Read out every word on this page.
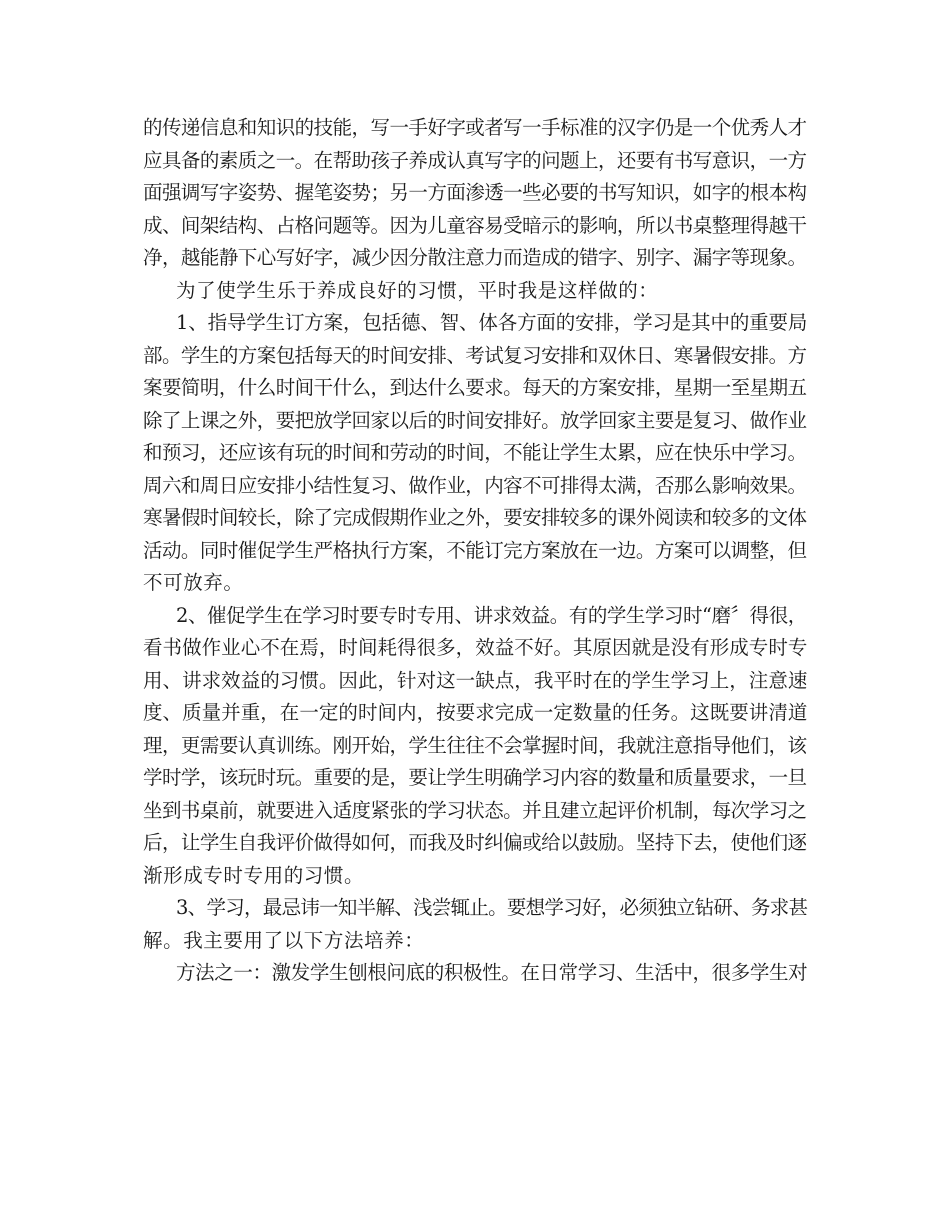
的传递信息和知识的技能，写一手好字或者写一手标准的汉字仍是一个优秀人才
应具备的素质之一。在帮助孩子养成认真写字的问题上，还要有书写意识，一方
面强调写字姿势、握笔姿势；另一方面渗透一些必要的书写知识，如字的根本构
成、间架结构、占格问题等。因为儿童容易受暗示的影响，所以书桌整理得越干
净，越能静下心写好字，减少因分散注意力而造成的错字、别字、漏字等现象。
为了使学生乐于养成良好的习惯，平时我是这样做的：
1、指导学生订方案，包括德、智、体各方面的安排，学习是其中的重要局
部。学生的方案包括每天的时间安排、考试复习安排和双休日、寒暑假安排。方
案要简明，什么时间干什么，到达什么要求。每天的方案安排，星期一至星期五
除了上课之外，要把放学回家以后的时间安排好。放学回家主要是复习、做作业
和预习，还应该有玩的时间和劳动的时间，不能让学生太累，应在快乐中学习。
周六和周日应安排小结性复习、做作业，内容不可排得太满，否那么影响效果。
寒暑假时间较长，除了完成假期作业之外，要安排较多的课外阅读和较多的文体
活动。同时催促学生严格执行方案，不能订完方案放在一边。方案可以调整，但
不可放弃。
2、催促学生在学习时要专时专用、讲求效益。有的学生学习时“磨〞得很，
看书做作业心不在焉，时间耗得很多，效益不好。其原因就是没有形成专时专
用、讲求效益的习惯。因此，针对这一缺点，我平时在的学生学习上，注意速
度、质量并重，在一定的时间内，按要求完成一定数量的任务。这既要讲清道
理，更需要认真训练。刚开始，学生往往不会掌握时间，我就注意指导他们，该
学时学，该玩时玩。重要的是，要让学生明确学习内容的数量和质量要求，一旦
坐到书桌前，就要进入适度紧张的学习状态。并且建立起评价机制，每次学习之
后，让学生自我评价做得如何，而我及时纠偏或给以鼓励。坚持下去，使他们逐
渐形成专时专用的习惯。
3、学习，最忌讳一知半解、浅尝辄止。要想学习好，必须独立钻研、务求甚
解。我主要用了以下方法培养：
方法之一：激发学生刨根问底的积极性。在日常学习、生活中，很多学生对
